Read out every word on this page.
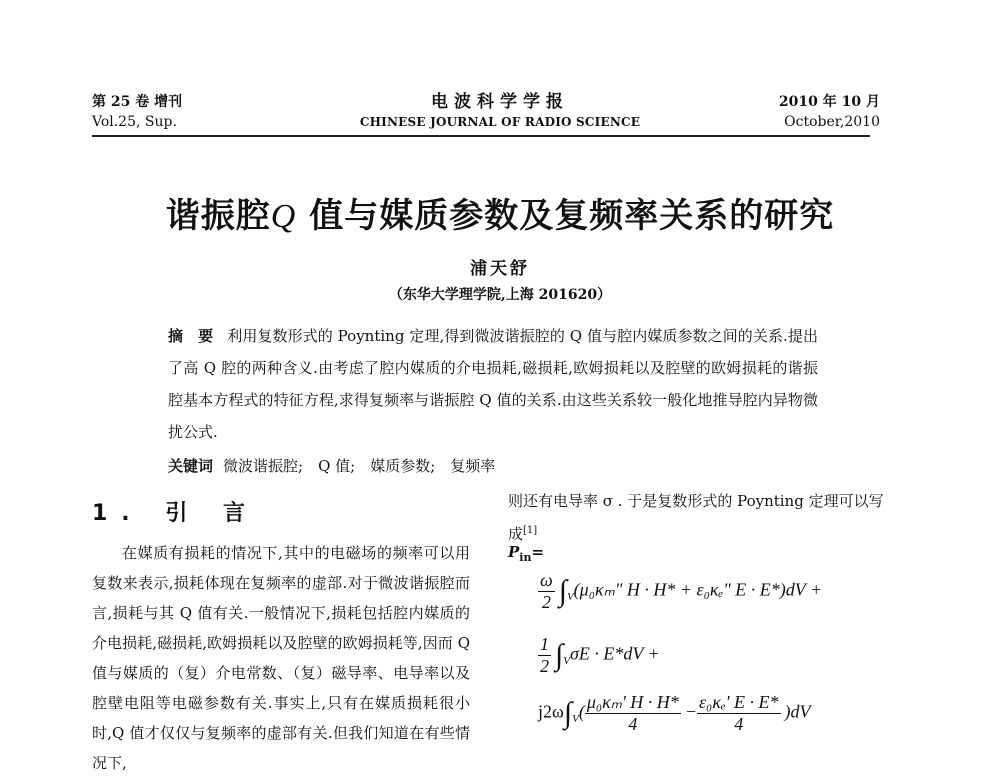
第 25 卷 增刊
Vol.25, Sup.
电波科学学报
CHINESE JOURNAL OF RADIO SCIENCE
2010 年 10 月
October,2010
谐振腔Q 值与媒质参数及复频率关系的研究
浦天舒
（东华大学理学院,上海 201620）
摘　要 利用复数形式的 Poynting 定理,得到微波谐振腔的 Q 值与腔内媒质参数之间的关系.提出了高 Q 腔的两种含义.由考虑了腔内媒质的介电损耗,磁损耗,欧姆损耗以及腔壁的欧姆损耗的谐振腔基本方程式的特征方程,求得复频率与谐振腔 Q 值的关系.由这些关系较一般化地推导腔内异物微扰公式.
关键词 微波谐振腔;　Q 值;　媒质参数;　复频率
1. 引 言

在媒质有损耗的情况下,其中的电磁场的频率可以用复数来表示,损耗体现在复频率的虚部.对于微波谐振腔而言,损耗与其 Q 值有关.一般情况下,损耗包括腔内媒质的介电损耗,磁损耗,欧姆损耗以及腔壁的欧姆损耗等,因而 Q 值与媒质的（复）介电常数、（复）磁导率、电导率以及腔壁电阻等电磁参数有关.事实上,只有在媒质损耗很小时,Q 值才仅仅与复频率的虚部有关.但我们知道在有些情况下,

则还有电导率 σ . 于是复数形式的 Poynting 定理可以写成[1]

$P_{in}=$
$\frac{\omega}{2} \int_V(\mu_0\kappa_m$" H · H* + ε₀κₑ" E · E*)dV +
$\frac{1}{2} \int_V\sigma E \cdot E*dV$ +
$j2\omega\int_V( \frac{\text{μ₀κₘ' H · H*}}{4} - \frac{\text{ε₀κₑ' E · E*}}{4} )dV$
